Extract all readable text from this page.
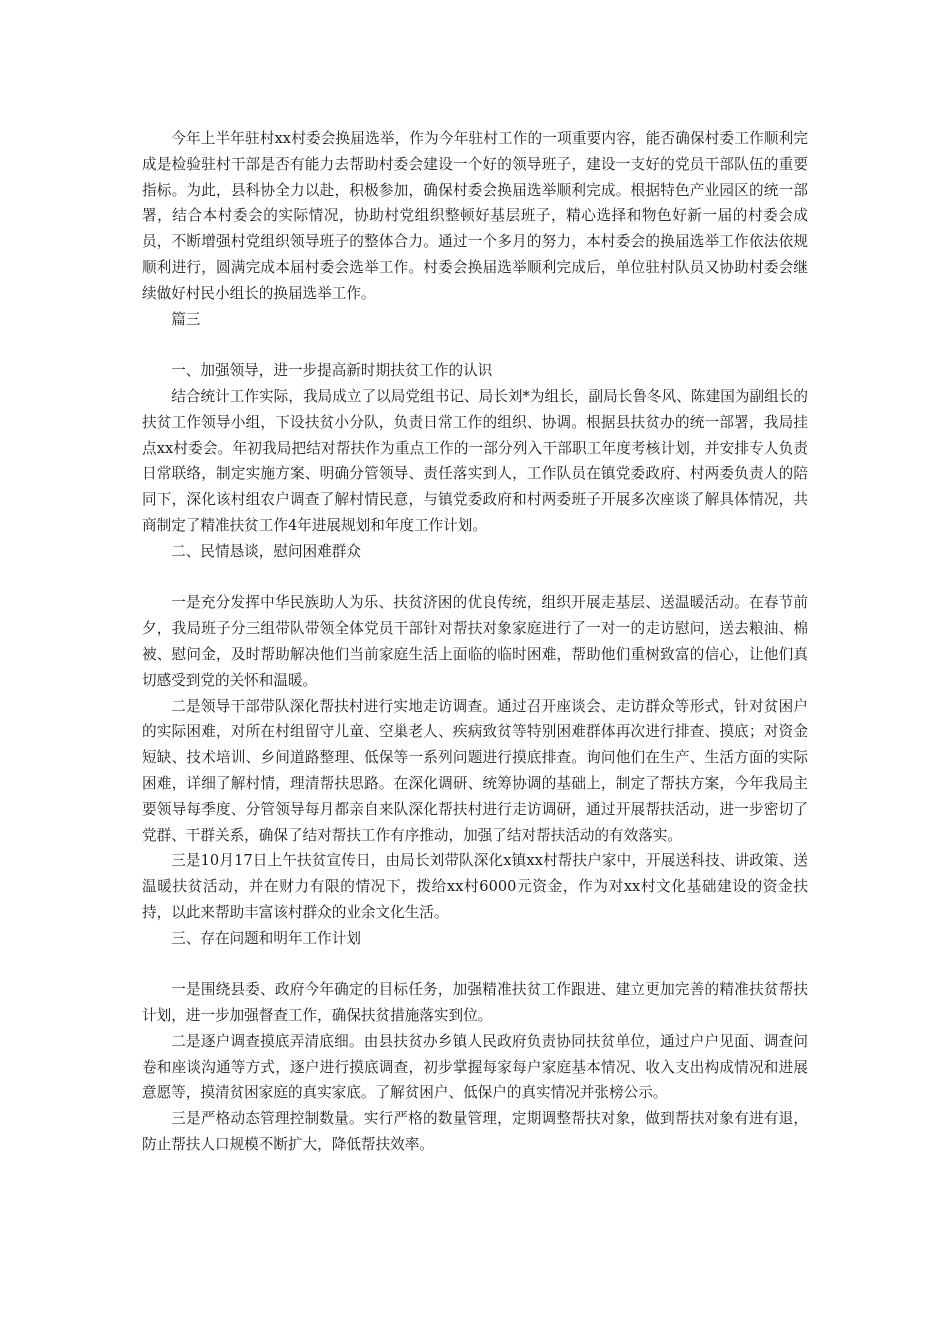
今年上半年驻村xx村委会换届选举，作为今年驻村工作的一项重要内容，能否确保村委工作顺利完成是检验驻村干部是否有能力去帮助村委会建设一个好的领导班子，建设一支好的党员干部队伍的重要指标。为此，县科协全力以赴，积极参加，确保村委会换届选举顺利完成。根据特色产业园区的统一部署，结合本村委会的实际情况，协助村党组织整顿好基层班子，精心选择和物色好新一届的村委会成员，不断增强村党组织领导班子的整体合力。通过一个多月的努力，本村委会的换届选举工作依法依规顺利进行，圆满完成本届村委会选举工作。村委会换届选举顺利完成后，单位驻村队员又协助村委会继续做好村民小组长的换届选举工作。

篇三

一、加强领导，进一步提高新时期扶贫工作的认识

结合统计工作实际，我局成立了以局党组书记、局长刘*为组长，副局长鲁冬风、陈建国为副组长的扶贫工作领导小组，下设扶贫小分队，负责日常工作的组织、协调。根据县扶贫办的统一部署，我局挂点xx村委会。年初我局把结对帮扶作为重点工作的一部分列入干部职工年度考核计划，并安排专人负责日常联络，制定实施方案、明确分管领导、责任落实到人，工作队员在镇党委政府、村两委负责人的陪同下，深化该村组农户调查了解村情民意，与镇党委政府和村两委班子开展多次座谈了解具体情况，共商制定了精准扶贫工作4年进展规划和年度工作计划。

二、民情恳谈，慰问困难群众

一是充分发挥中华民族助人为乐、扶贫济困的优良传统，组织开展走基层、送温暖活动。在春节前夕，我局班子分三组带队带领全体党员干部针对帮扶对象家庭进行了一对一的走访慰问，送去粮油、棉被、慰问金，及时帮助解决他们当前家庭生活上面临的临时困难，帮助他们重树致富的信心，让他们真切感受到党的关怀和温暖。

二是领导干部带队深化帮扶村进行实地走访调查。通过召开座谈会、走访群众等形式，针对贫困户的实际困难，对所在村组留守儿童、空巢老人、疾病致贫等特别困难群体再次进行排查、摸底；对资金短缺、技术培训、乡间道路整理、低保等一系列问题进行摸底排查。询问他们在生产、生活方面的实际困难，详细了解村情，理清帮扶思路。在深化调研、统筹协调的基础上，制定了帮扶方案，今年我局主要领导每季度、分管领导每月都亲自来队深化帮扶村进行走访调研，通过开展帮扶活动，进一步密切了党群、干群关系，确保了结对帮扶工作有序推动，加强了结对帮扶活动的有效落实。

三是10月17日上午扶贫宣传日，由局长刘带队深化x镇xx村帮扶户家中，开展送科技、讲政策、送温暖扶贫活动，并在财力有限的情况下，拨给xx村6000元资金，作为对xx村文化基础建设的资金扶持，以此来帮助丰富该村群众的业余文化生活。

三、存在问题和明年工作计划

一是围绕县委、政府今年确定的目标任务，加强精准扶贫工作跟进、建立更加完善的精准扶贫帮扶计划，进一步加强督查工作，确保扶贫措施落实到位。

二是逐户调查摸底弄清底细。由县扶贫办乡镇人民政府负责协同扶贫单位，通过户户见面、调查问卷和座谈沟通等方式，逐户进行摸底调查，初步掌握每家每户家庭基本情况、收入支出构成情况和进展意愿等，摸清贫困家庭的真实家底。了解贫困户、低保户的真实情况并张榜公示。

三是严格动态管理控制数量。实行严格的数量管理，定期调整帮扶对象，做到帮扶对象有进有退，防止帮扶人口规模不断扩大，降低帮扶效率。
